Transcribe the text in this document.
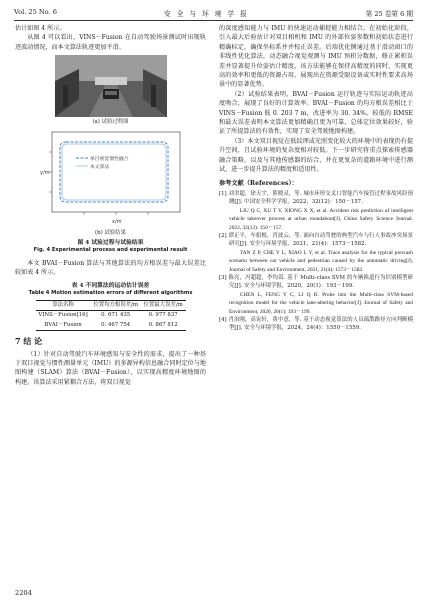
Vol. 25 No. 6	安 全 与 环 境 学 报	第 25 卷第 6 期

估计如图 4 所示。

从图 4 可以看出，VINS－Fusion 在自动驾驶场景测试时出现轨迹波动情况，而本文算法轨迹更加平滑。

(a) 试验过程图
y/m
x/m
单目视觉惯性融合
本文算法
(b) 试验结果
图 4 试验过程与试验结果
Fig. 4 Experimental process and experimental result

本文 BVAI－Fusion 算法与其他算法的均方根误差与最大误差比较如表 4 所示。

表 4 不同算法的运动估计误差
Table 4 Motion estimation errors of different algorithms
算法名称	位置均方根误差/m	位置最大误差/m
VINS－Fusion[16]	0. 671 435	0. 977 837
BVAI－Fusion	0. 467 754	0. 867 812
7 结 论

（1）针对自动驾驶汽车环境感知与安全性的需求，提出了一种基于双目视觉与惯性测量单元（IMU）的多源异构信息融合同时定位与地图构建（SLAM）算法（BVAI－Fusion），以实现高精度环境地图的构建。该算法采用紧耦合方法，将双目视觉

的深度感知能力与 IMU 的快速运动捕捉能力相结合。在初始化阶段，引入最大后验估计对双目相机和 IMU 的外部位姿参数和初始状态进行精确标定，确保坐标系并并校正误差。后端优化侧通过基于滑动窗口的非线性优化算法，动态融合视觉观测与 IMU 预积分数据，修正累积误差并显著提升位姿估计精度。该方法能够在保持高精度的同时，实现更高的效率和更低的资源占用，展现出在资源受限设备或实时性要求高场景中的显著优势。

（2）试验结果表明，BVAI－Fusion 运行轨迹与实际运动轨迹高度吻合，展现了良好的计算效率。BVAI－Fusion 的均方根误差相比于 VINS－Fusion 低 0. 203 7 m，改进率为 30. 34%。较低的 RMSE 和最大误差表明本文算法更加精确且更为可靠，总体定位效果较好，验证了所提算法的有效性，实现了安全驾驶地图构建。

（3）本文双目视觉在低纹理或光照变化较大的环境中的表现仍有提升空间，且试验环境的复杂度相对较低。下一步研究将重点探索传感器融合策略，以及与其他传感器的结合，并在更复杂的道路环境中进行测试，进一步提升算法的精度和适用性。

参考文献（References）：

[1] 刘聿超，徐天宇，熊晓灵，等. 城市环形交叉口智能汽车接管过程事故风险预测[J]. 中国安全科学学报，2022，32(12)：150－157.

LIU Q C, XU T Y, XIONG X X, et al. Accident risk prediction of intelligent vehicle takeover process at urban roundabout[J]. China Safety Science Journal, 2022, 32(12): 150－157.

[2] 谭正平，车娟根，肖波云，等. 面向自动驾驶的典型汽车与行人事故冲突场景研究[J]. 安全与环境学报，2021，21(4)：1573－1582.

TAN Z P, CHE Y L, XIAO L Y, et al. Trace analysis for the typical precrash scenario between car vehicle and pedestrian caused by the automatic driving[J]. Journal of Safety and Environment, 2021, 21(4): 1573－1582.

[3] 陈亮，冯超超，李均嵩. 基于 Multi-class SVM 的车辆换道行为识别模型研究[J]. 安全与环境学报，2020，20(1)：193－199.

CHEN L, FENG Y C, LI Q R. Probe into the Multi-class SVM-based recognition model for the vehicle lane-altering behavior[J]. Journal of Safety and Environment, 2020, 20(1): 193－199.

[4] 肖治刚，高寅轩，黄中意，等. 基于动态视觉算法的人员疏散路径方向判断模型[J]. 安全与环境学报，2024，24(4)：1550－1559.

2204
